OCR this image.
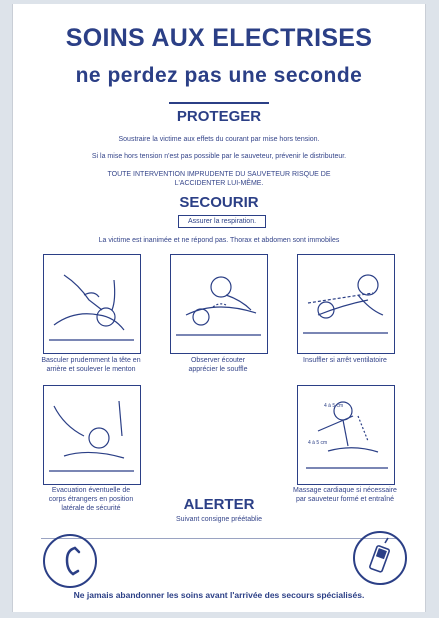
SOINS AUX ELECTRISES
ne perdez pas une seconde
PROTEGER
Soustraire la victime aux effets du courant par mise hors tension.
Si la mise hors tension n'est pas possible par le sauveteur, prévenir le distributeur.
TOUTE INTERVENTION IMPRUDENTE DU SAUVETEUR RISQUE DE
L'ACCIDENTER LUI-MÊME.
SECOURIR
Assurer la respiration.
La victime est inanimée et ne répond pas. Thorax et abdomen sont immobiles
Basculer prudemment la tête en
arrière et soulever le menton
Observer écouter
apprécier le souffle
Insuffler si arrêt ventilatoire
Evacuation éventuelle de
corps étrangers en position
latérale de sécurité
4 à 5 cm
4 à 5 cm
Massage cardiaque si nécessaire
par sauveteur formé et entraîné
ALERTER
Suivant consigne préétablie
Ne jamais abandonner les soins avant l'arrivée des secours spécialisés.
